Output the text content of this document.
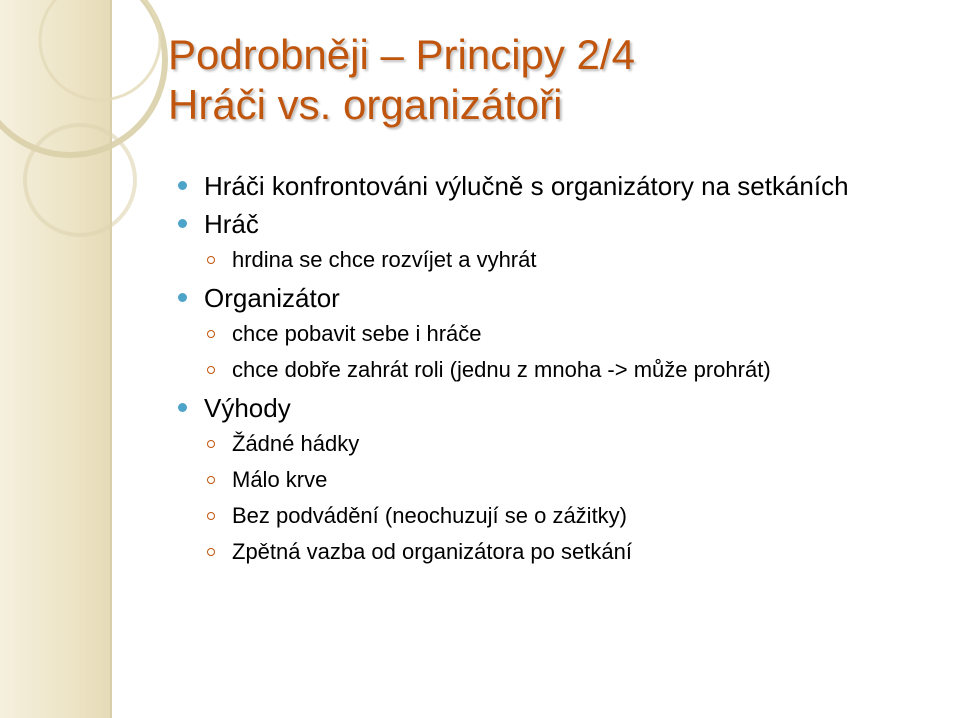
Podrobněji – Principy 2/4
Hráči vs. organizátoři
Hráči konfrontováni výlučně s organizátory na setkáních
Hráč
hrdina se chce rozvíjet a vyhrát
Organizátor
chce pobavit sebe i hráče
chce dobře zahrát roli (jednu z mnoha -> může prohrát)
Výhody
Žádné hádky
Málo krve
Bez podvádění (neochuzují se o zážitky)
Zpětná vazba od organizátora po setkání
